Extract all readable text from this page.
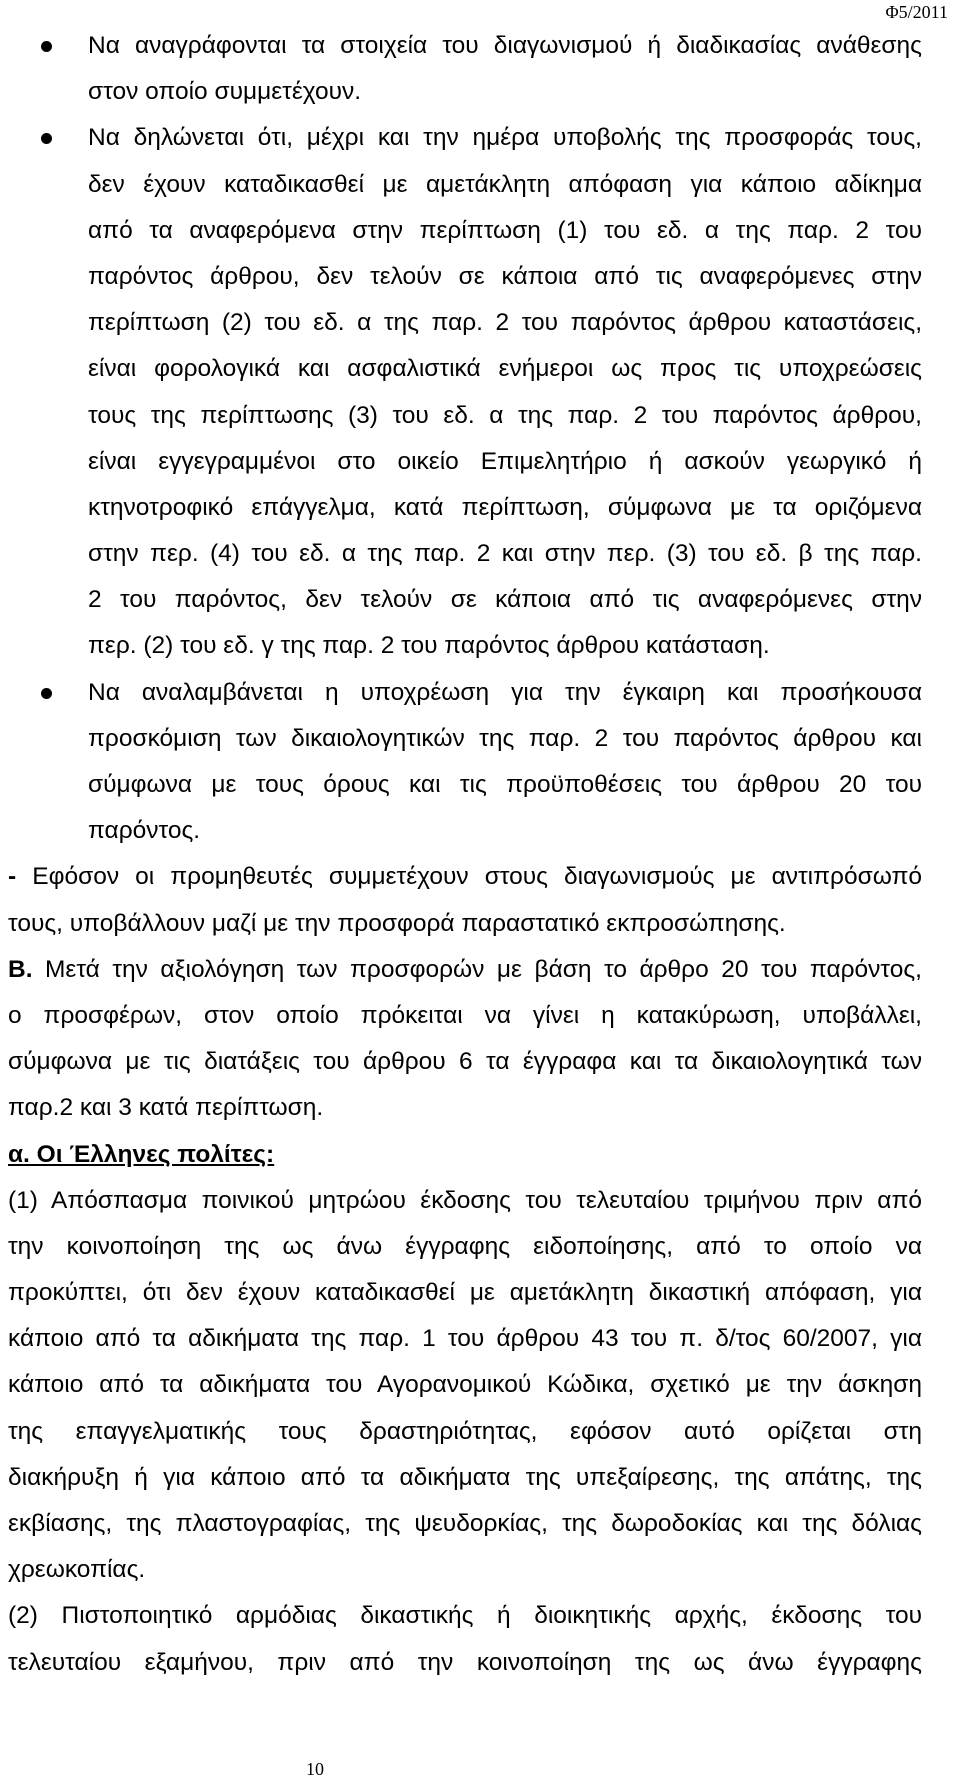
Φ5/2011
Να αναγράφονται τα στοιχεία του διαγωνισμού ή διαδικασίας ανάθεσης
στον οποίο συμμετέχουν.
Να δηλώνεται ότι, μέχρι και την ημέρα υποβολής της προσφοράς τους,
δεν έχουν καταδικασθεί με αμετάκλητη απόφαση για κάποιο αδίκημα
από τα αναφερόμενα στην περίπτωση (1) του εδ. α της παρ. 2 του
παρόντος άρθρου, δεν τελούν σε κάποια από τις αναφερόμενες στην
περίπτωση (2) του εδ. α της παρ. 2 του παρόντος άρθρου καταστάσεις,
είναι φορολογικά και ασφαλιστικά ενήμεροι ως προς τις υποχρεώσεις
τους της περίπτωσης (3) του εδ. α της παρ. 2 του παρόντος άρθρου,
είναι εγγεγραμμένοι στο οικείο Επιμελητήριο ή ασκούν γεωργικό ή
κτηνοτροφικό επάγγελμα, κατά περίπτωση, σύμφωνα με τα οριζόμενα
στην περ. (4) του εδ. α της παρ. 2 και στην περ. (3) του εδ. β της παρ.
2 του παρόντος, δεν τελούν σε κάποια από τις αναφερόμενες στην
περ. (2) του εδ. γ της παρ. 2 του παρόντος άρθρου κατάσταση.
Να αναλαμβάνεται η υποχρέωση για την έγκαιρη και προσήκουσα
προσκόμιση των δικαιολογητικών της παρ. 2 του παρόντος άρθρου και
σύμφωνα με τους όρους και τις προϋποθέσεις του άρθρου 20 του
παρόντος.
- Εφόσον οι προμηθευτές συμμετέχουν στους διαγωνισμούς με αντιπρόσωπό
τους, υποβάλλουν μαζί με την προσφορά παραστατικό εκπροσώπησης.
Β. Μετά την αξιολόγηση των προσφορών με βάση το άρθρο 20 του παρόντος,
ο προσφέρων, στον οποίο πρόκειται να γίνει η κατακύρωση, υποβάλλει,
σύμφωνα με τις διατάξεις του άρθρου 6 τα έγγραφα και τα δικαιολογητικά των
παρ.2 και 3 κατά περίπτωση.
α. Οι Έλληνες πολίτες:
(1) Απόσπασμα ποινικού μητρώου έκδοσης του τελευταίου τριμήνου πριν από
την κοινοποίηση της ως άνω έγγραφης ειδοποίησης, από το οποίο να
προκύπτει, ότι δεν έχουν καταδικασθεί με αμετάκλητη δικαστική απόφαση, για
κάποιο από τα αδικήματα της παρ. 1 του άρθρου 43 του π. δ/τος 60/2007, για
κάποιο από τα αδικήματα του Αγορανομικού Κώδικα, σχετικό με την άσκηση
της επαγγελματικής τους δραστηριότητας, εφόσον αυτό ορίζεται στη
διακήρυξη ή για κάποιο από τα αδικήματα της υπεξαίρεσης, της απάτης, της
εκβίασης, της πλαστογραφίας, της ψευδορκίας, της δωροδοκίας και της δόλιας
χρεωκοπίας.
(2) Πιστοποιητικό αρμόδιας δικαστικής ή διοικητικής αρχής, έκδοσης του
τελευταίου εξαμήνου, πριν από την κοινοποίηση της ως άνω έγγραφης
10
